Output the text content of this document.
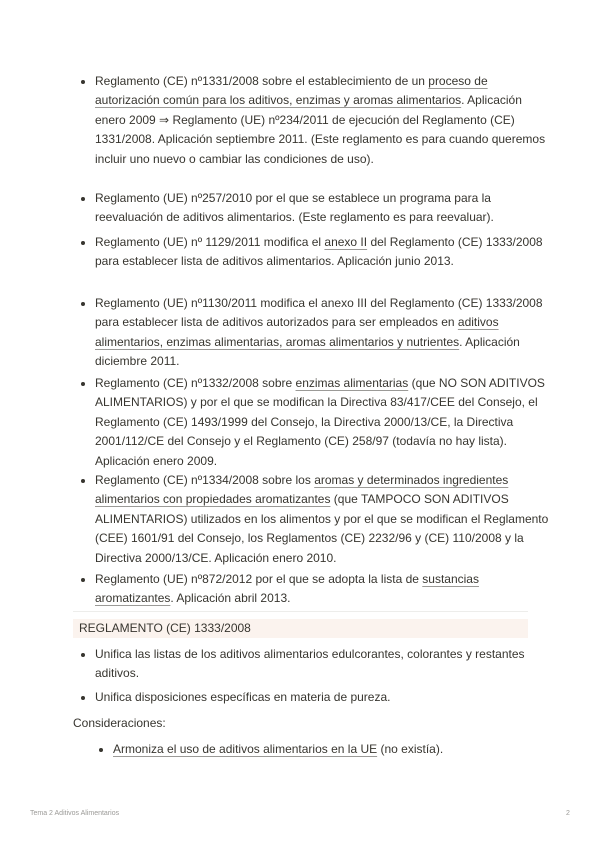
Reglamento (CE) nº1331/2008 sobre el establecimiento de un proceso de autorización común para los aditivos, enzimas y aromas alimentarios. Aplicación enero 2009 ⇒ Reglamento (UE) nº234/2011 de ejecución del Reglamento (CE) 1331/2008. Aplicación septiembre 2011. (Este reglamento es para cuando queremos incluir uno nuevo o cambiar las condiciones de uso).
Reglamento (UE) nº257/2010 por el que se establece un programa para la reevaluación de aditivos alimentarios. (Este reglamento es para reevaluar).
Reglamento (UE) nº 1129/2011 modifica el anexo II del Reglamento (CE) 1333/2008 para establecer lista de aditivos alimentarios. Aplicación junio 2013.
Reglamento (UE) nº1130/2011 modifica el anexo III del Reglamento (CE) 1333/2008 para establecer lista de aditivos autorizados para ser empleados en aditivos alimentarios, enzimas alimentarias, aromas alimentarios y nutrientes. Aplicación diciembre 2011.
Reglamento (CE) nº1332/2008 sobre enzimas alimentarias (que NO SON ADITIVOS ALIMENTARIOS) y por el que se modifican la Directiva 83/417/CEE del Consejo, el Reglamento (CE) 1493/1999 del Consejo, la Directiva 2000/13/CE, la Directiva 2001/112/CE del Consejo y el Reglamento (CE) 258/97 (todavía no hay lista). Aplicación enero 2009.
Reglamento (CE) nº1334/2008 sobre los aromas y determinados ingredientes alimentarios con propiedades aromatizantes (que TAMPOCO SON ADITIVOS ALIMENTARIOS) utilizados en los alimentos y por el que se modifican el Reglamento (CEE) 1601/91 del Consejo, los Reglamentos (CE) 2232/96 y (CE) 110/2008 y la Directiva 2000/13/CE. Aplicación enero 2010.
Reglamento (UE) nº872/2012 por el que se adopta la lista de sustancias aromatizantes. Aplicación abril 2013.
REGLAMENTO (CE) 1333/2008
Unifica las listas de los aditivos alimentarios edulcorantes, colorantes y restantes aditivos.
Unifica disposiciones específicas en materia de pureza.
Consideraciones:
Armoniza el uso de aditivos alimentarios en la UE (no existía).
Tema 2 Aditivos Alimentarios	2
